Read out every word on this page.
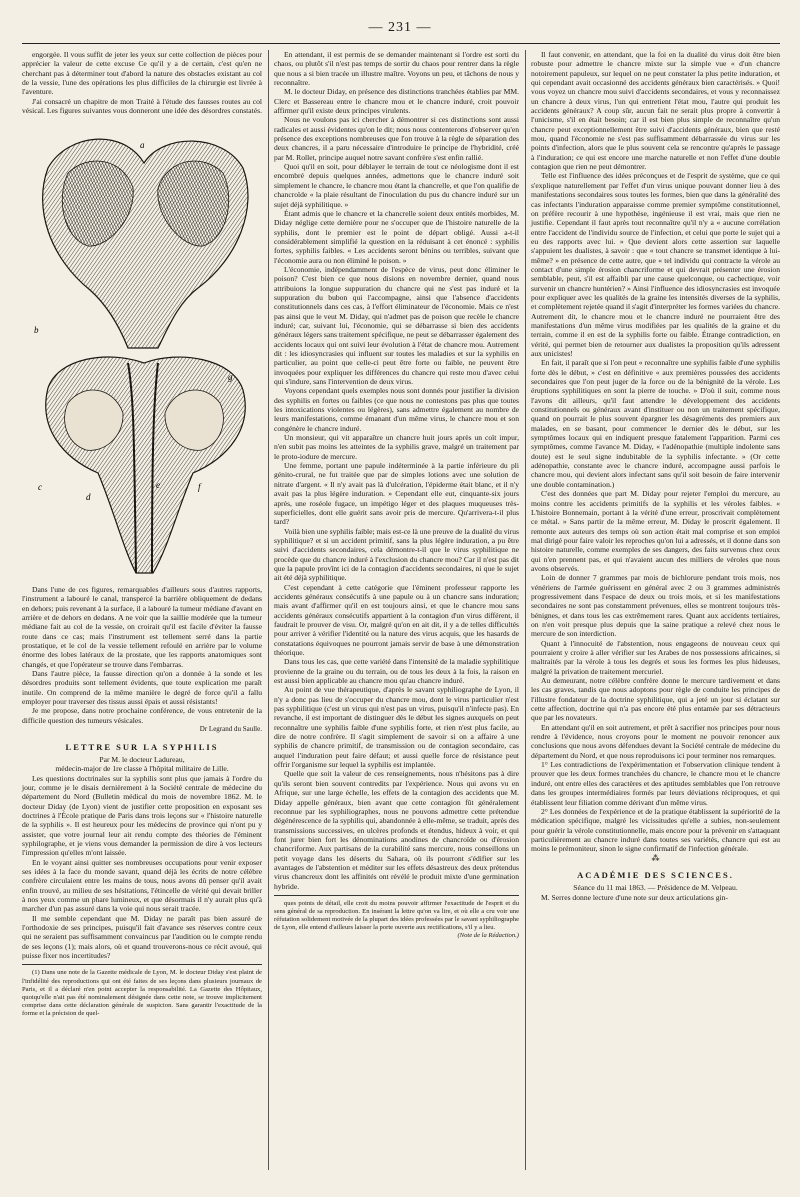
— 231 —

engorgée. Il vous suffit de jeter les yeux sur cette collection de pièces pour apprécier la valeur de cette excuse Ce qu'il y a de certain, c'est qu'en ne cherchant pas à déterminer tout d'abord la nature des obstacles existant au col de la vessie, l'une des opérations les plus difficiles de la chirurgie est livrée à l'aventure.

J'ai consacré un chapitre de mon Traité à l'étude des fausses routes au col vésical. Les figures suivantes vous donneront une idée des désordres constatés.

a
b
c
d
e	f
g

Dans l'une de ces figures, remarquables d'ailleurs sous d'autres rapports, l'instrument a labouré le canal, transpercé la barrière obliquement de dedans en dehors; puis revenant à la surface, il a labouré la tumeur médiane d'avant en arrière et de dehors en dedans. A ne voir que la saillie modérée que la tumeur médiane fait au col de la vessie, on croirait qu'il est facile d'éviter la fausse route dans ce cas; mais l'instrument est tellement serré dans la partie prostatique, et le col de la vessie tellement refoulé en arrière par le volume énorme des lobes latéraux de la prostate, que les rapports anatomiques sont changés, et que l'opérateur se trouve dans l'embarras.

Dans l'autre pièce, la fausse direction qu'on a donnée à la sonde et les désordres produits sont tellement évidents, que toute explication me paraît inutile. On comprend de la même manière le degré de force qu'il a fallu employer pour traverser des tissus aussi épais et aussi résistants!

Je me propose, dans notre prochaine conférence, de vous entretenir de la difficile question des tumeurs vésicales.

Dr Legrand du Saulle.

LETTRE SUR LA SYPHILIS

Par M. le docteur Ladureau,

médecin-major de 1re classe à l'hôpital militaire de Lille.

Les questions doctrinales sur la syphilis sont plus que jamais à l'ordre du jour, comme je le disais dernièrement à la Société centrale de médecine du département du Nord (Bulletin médical du mois de novembre 1862. M. le docteur Diday (de Lyon) vient de justifier cette proposition en exposant ses doctrines à l'École pratique de Paris dans trois leçons sur « l'histoire naturelle de la syphilis ». Il est heureux pour les médecins de province qui n'ont pu y assister, que votre journal leur ait rendu compte des théories de l'éminent syphilographe, et je viens vous demander la permission de dire à vos lecteurs l'impression qu'elles m'ont laissée.

En le voyant ainsi quitter ses nombreuses occupations pour venir exposer ses idées à la face du monde savant, quand déjà les écrits de notre célèbre confrère circulaient entre les mains de tous, nous avons dû penser qu'il avait enfin trouvé, au milieu de ses hésitations, l'étincelle de vérité qui devait briller à nos yeux comme un phare lumineux, et que désormais il n'y aurait plus qu'à marcher d'un pas assuré dans la voie qui nous serait tracée.

Il me semble cependant que M. Diday ne paraît pas bien assuré de l'orthodoxie de ses principes, puisqu'il fait d'avance ses réserves contre ceux qui ne seraient pas suffisamment convaincus par l'audition ou le compte rendu de ses leçons (1); mais alors, où et quand trouverons-nous ce récit avoué, qui puisse fixer nos incertitudes?

(1) Dans une note de la Gazette médicale de Lyon, M. le docteur Diday s'est plaint de l'infidélité des reproductions qui ont été faites de ses leçons dans plusieurs journaux de Paris, et il a déclaré n'en point accepter la responsabilité. La Gazette des Hôpitaux, quoiqu'elle n'ait pas été nominalement désignée dans cette note, se trouve implicitement comprise dans cette déclaration générale de suspicion. Sans garantir l'exactitude de la forme et la précision de quel-

En attendant, il est permis de se demander maintenant si l'ordre est sorti du chaos, ou plutôt s'il n'est pas temps de sortir du chaos pour rentrer dans la règle que nous a si bien tracée un illustre maître. Voyons un peu, et tâchons de nous y reconnaître.

M. le docteur Diday, en présence des distinctions tranchées établies par MM. Clerc et Bassereau entre le chancre mou et le chancre induré, croit pouvoir affirmer qu'il existe deux principes virulents.

Nous ne voulons pas ici chercher à démontrer si ces distinctions sont aussi radicales et aussi évidentes qu'on le dit; nous nous contenterons d'observer qu'en présence des exceptions nombreuses que l'on trouve à la règle de séparation des deux chancres, il a paru nécessaire d'introduire le principe de l'hybridité, créé par M. Rollet, principe auquel notre savant confrère s'est enfin rallié.

Quoi qu'il en soit, pour déblayer le terrain de tout ce néologisme dont il est encombré depuis quelques années, admettons que le chancre induré soit simplement le chancre, le chancre mou étant la chancrelle, et que l'on qualifie de chancroïde « la plaie résultant de l'inoculation du pus du chancre induré sur un sujet déjà syphilitique. »

Étant admis que le chancre et la chancrelle soient deux entités morbides, M. Diday néglige cette dernière pour ne s'occuper que de l'histoire naturelle de la syphilis, dont le premier est le point de départ obligé. Aussi a-t-il considérablement simplifié la question en la réduisant à cet énoncé : syphilis fortes, syphilis faibles. « Les accidents seront bénins ou terribles, suivant que l'économie aura ou non éliminé le poison. »

L'économie, indépendamment de l'espèce de virus, peut donc éliminer le poison? C'est bien ce que nous disions en novembre dernier, quand nous attribuions la longue suppuration du chancre qui ne s'est pas induré et la suppuration du bubon qui l'accompagne, ainsi que l'absence d'accidents constitutionnels dans ces cas, à l'effort éliminateur de l'économie. Mais ce n'est pas ainsi que le veut M. Diday, qui n'admet pas de poison que recèle le chancre induré; car, suivant lui, l'économie, qui se débarrasse si bien des accidents généraux légers sans traitement spécifique, ne peut se débarrasser également des accidents locaux qui ont suivi leur évolution à l'état de chancre mou. Autrement dit : les idiosyncrasies qui influent sur toutes les maladies et sur la syphilis en particulier, au point que celle-ci peut être forte ou faible, ne peuvent être invoquées pour expliquer les différences du chancre qui reste mou d'avec celui qui s'indure, sans l'intervention de deux virus.

Voyons cependant quels exemples nous sont donnés pour justifier la division des syphilis en fortes ou faibles (ce que nous ne contestons pas plus que toutes les intoxications violentes ou légères), sans admettre également au nombre de leurs manifestations, comme émanant d'un même virus, le chancre mou et son congénère le chancre induré.

Un monsieur, qui vit apparaître un chancre huit jours après un coït impur, n'en subit pas moins les atteintes de la syphilis grave, malgré un traitement par le proto-iodure de mercure.

Une femme, portant une papule indéterminée à la partie inférieure du pli génito-crural, ne fut traitée que par de simples lotions avec une solution de nitrate d'argent. « Il n'y avait pas là d'ulcération, l'épiderme était blanc, et il n'y avait pas la plus légère induration. » Cependant elle eut, cinquante-six jours après, une roséole fugace, un impétigo léger et des plaques muqueuses très-superficielles, dont elle guérit sans avoir pris de mercure. Qu'arrivera-t-il plus tard?

Voilà bien une syphilis faible; mais est-ce là une preuve de la dualité du virus syphilitique? et si un accident primitif, sans la plus légère induration, a pu être suivi d'accidents secondaires, cela démontre-t-il que le virus syphilitique ne procède que du chancre induré à l'exclusion du chancre mou? Car il n'est pas dit que la papule provînt ici de la contagion d'accidents secondaires, ni que le sujet ait été déjà syphilitique.

C'est cependant à cette catégorie que l'éminent professeur rapporte les accidents généraux consécutifs à une papule ou à un chancre sans induration; mais avant d'affirmer qu'il en est toujours ainsi, et que le chancre mou sans accidents généraux consécutifs appartient à la contagion d'un virus différent, il faudrait le prouver de visu. Or, malgré qu'on en ait dit, il y a de telles difficultés pour arriver à vérifier l'identité ou la nature des virus acquis, que les hasards de constatations équivoques ne pourront jamais servir de base à une démonstration théorique.

Dans tous les cas, que cette variété dans l'intensité de la maladie syphilitique provienne de la graine ou du terrain, ou de tous les deux à la fois, la raison en est aussi bien applicable au chancre mou qu'au chancre induré.

Au point de vue thérapeutique, d'après le savant syphiliographe de Lyon, il n'y a donc pas lieu de s'occuper du chancre mou, dont le virus particulier n'est pas syphilitique (c'est un virus qui n'est pas un virus, puisqu'il n'infecte pas). En revanche, il est important de distinguer dès le début les signes auxquels on peut reconnaître une syphilis faible d'une syphilis forte, et rien n'est plus facile, au dire de notre confrère. Il s'agit simplement de savoir si on a affaire à une syphilis de chancre primitif, de transmission ou de contagion secondaire, cas auquel l'induration peut faire défaut; et aussi quelle force de résistance peut offrir l'organisme sur lequel la syphilis est implantée.

Quelle que soit la valeur de ces renseignements, nous n'hésitons pas à dire qu'ils seront bien souvent contredits par l'expérience. Nous qui avons vu en Afrique, sur une large échelle, les effets de la contagion des accidents que M. Diday appelle généraux, bien avant que cette contagion fût généralement reconnue par les syphiliographes, nous ne pouvons admettre cette prétendue dégénérescence de la syphilis qui, abandonnée à elle-même, se traduit, après des transmissions successives, en ulcères profonds et étendus, hideux à voir, et qui font jurer bien fort les dénominations anodines de chancroïde ou d'érosion chancriforme. Aux partisans de la curabilité sans mercure, nous conseillons un petit voyage dans les déserts du Sahara, où ils pourront s'édifier sur les avantages de l'abstention et méditer sur les effets désastreux des deux prétendus virus chancreux dont les affinités ont révélé le produit mixte d'une germination hybride.

ques points de détail, elle croit du moins pouvoir affirmer l'exactitude de l'esprit et du sens général de sa reproduction. En insérant la lettre qu'on va lire, et où elle a cru voir une réfutation solidement motivée de la plupart des idées professées par le savant syphiliographe de Lyon, elle entend d'ailleurs laisser la porte ouverte aux rectifications, s'il y a lieu.

(Note de la Rédaction.)

Il faut convenir, en attendant, que la foi en la dualité du virus doit être bien robuste pour admettre le chancre mixte sur la simple vue « d'un chancre notoirement papuleux, sur lequel on ne peut constater la plus petite induration, et qui cependant avait occasionné des accidents généraux bien caractérisés. » Quoi! vous voyez un chancre mou suivi d'accidents secondaires, et vous y reconnaissez un chancre à deux virus, l'un qui entretient l'état mou, l'autre qui produit les accidents généraux? A coup sûr, aucun fait ne serait plus propre à convertir à l'unicisme, s'il en était besoin; car il est bien plus simple de reconnaître qu'un chancre peut exceptionnellement être suivi d'accidents généraux, bien que resté mou, quand l'économie ne s'est pas suffisamment débarrassée du virus sur les points d'infection, alors que le plus souvent cela se rencontre qu'après le passage à l'induration; ce qui est encore une marche naturelle et non l'effet d'une double contagion que rien ne peut démontrer.

Telle est l'influence des idées préconçues et de l'esprit de système, que ce qui s'explique naturellement par l'effet d'un virus unique pouvant donner lieu à des manifestations secondaires sous toutes les formes, bien que dans la généralité des cas infectants l'induration apparaisse comme premier symptôme constitutionnel, on préfère recourir à une hypothèse, ingénieuse il est vrai, mais que rien ne justifie. Cependant il faut après tout reconnaître qu'il n'y a « aucune corrélation entre l'accident de l'individu source de l'infection, et celui que porte le sujet qui a eu des rapports avec lui. » Que devient alors cette assertion sur laquelle s'appuient les dualistes, à savoir : que « tout chancre se transmet identique à lui-même? » en présence de cette autre, que « tel individu qui contracte la vérole au contact d'une simple érosion chancriforme et qui devrait présenter une érosion semblable, peut, s'il est affaibli par une cause quelconque, ou cachectique, voir survenir un chancre huntérien? » Ainsi l'influence des idiosyncrasies est invoquée pour expliquer avec les qualités de la graine les intensités diverses de la syphilis, et complètement rejetée quand il s'agit d'interpréter les formes variées du chancre. Autrement dit, le chancre mou et le chancre induré ne pourraient être des manifestations d'un même virus modifiées par les qualités de la graine et du terrain, comme il en est de la syphilis forte ou faible. Étrange contradiction, en vérité, qui permet bien de retourner aux dualistes la proposition qu'ils adressent aux unicistes!

En fait, il paraît que si l'on peut « reconnaître une syphilis faible d'une syphilis forte dès le début, » c'est en définitive « aux premières poussées des accidents secondaires que l'on peut juger de la force ou de la bénignité de la vérole. Les éruptions syphilitiques en sont la pierre de touche. » D'où il suit, comme nous l'avons dit ailleurs, qu'il faut attendre le développement des accidents constitutionnels ou généraux avant d'instituer ou non un traitement spécifique, quand on pourrait le plus souvent épargner les désagréments des premiers aux malades, en se basant, pour commencer le dernier dès le début, sur les symptômes locaux qui en indiquent presque fatalement l'apparition. Parmi ces symptômes, comme l'avance M. Diday, « l'adénopathie (multiple indolente sans doute) est le seul signe indubitable de la syphilis infectante. » (Or cette adénopathie, constante avec le chancre induré, accompagne aussi parfois le chancre mou, qui devient alors infectant sans qu'il soit besoin de faire intervenir une double contamination.)

C'est des données que part M. Diday pour rejeter l'emploi du mercure, au moins contre les accidents primitifs de la syphilis et les véroles faibles. « L'histoire Bonnemain, portant à la vérité d'une erreur, proscrivait complètement ce métal. » Sans partir de la même erreur, M. Diday le proscrit également. Il remonte aux auteurs des temps où son action était mal comprise et son emploi mal dirigé pour faire valoir les reproches qu'on lui a adressés, et il donne dans son histoire naturelle, comme exemples de ses dangers, des faits survenus chez ceux qui n'en prennent pas, et qui n'avaient aucun des milliers de véroles que nous avons observés.

Loin de donner 7 grammes par mois de bichlorure pendant trois mois, nos vénériens de l'armée guérissent en général avec 2 ou 3 grammes administrés progressivement dans l'espace de deux ou trois mois, et si les manifestations secondaires ne sont pas constamment prévenues, elles se montrent toujours très-bénignes, et dans tous les cas extrêmement rares. Quant aux accidents tertiaires, on n'en voit presque plus depuis que la saine pratique a relevé chez nous le mercure de son interdiction.

Quant à l'innocuité de l'abstention, nous engageons de nouveau ceux qui pourraient y croire à aller vérifier sur les Arabes de nos possessions africaines, si maltraités par la vérole à tous les degrés et sous les formes les plus hideuses, malgré la privation de traitement mercuriel.

Au demeurant, notre célèbre confrère donne le mercure tardivement et dans les cas graves, tandis que nous adoptons pour règle de conduite les principes de l'illustre fondateur de la doctrine syphilitique, qui a jeté un jour si éclatant sur cette affection, doctrine qui n'a pas encore été plus entamée par ses détracteurs que par les novateurs.

En attendant qu'il en soit autrement, et prêt à sacrifier nos principes pour nous rendre à l'évidence, nous croyons pour le moment ne pouvoir renoncer aux conclusions que nous avons défendues devant la Société centrale de médecine du département du Nord, et que nous reproduisons ici pour terminer nos remarques.

1° Les contradictions de l'expérimentation et l'observation clinique tendent à prouver que les deux formes tranchées du chancre, le chancre mou et le chancre induré, ont entre elles des caractères et des aptitudes semblables que l'on retrouve dans les groupes intermédiaires formés par leurs déviations réciproques, et qui établissent leur filiation comme dérivant d'un même virus.

2° Les données de l'expérience et de la pratique établissent la supériorité de la médication spécifique, malgré les vicissitudes qu'elle a subies, non-seulement pour guérir la vérole constitutionnelle, mais encore pour la prévenir en s'attaquant particulièrement au chancre induré dans toutes ses variétés, chancre qui est au moins le prémoniteur, sinon le signe confirmatif de l'infection générale.

⁂
ACADÉMIE DES SCIENCES.

Séance du 11 mai 1863. — Présidence de M. Velpeau.

M. Serres donne lecture d'une note sur deux articulations gin-
